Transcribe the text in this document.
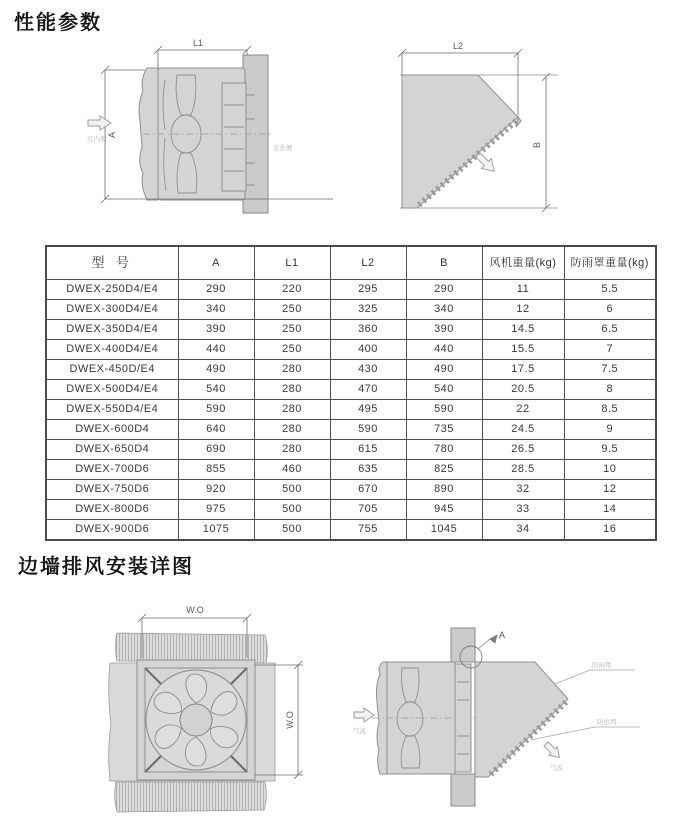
性能参数
L1
A
室内侧
室外侧
L2
B
型 号	A	L1	L2	B	风机重量(kg)	防雨罩重量(kg)
DWEX-250D4/E4	290	220	295	290	11	5.5
DWEX-300D4/E4	340	250	325	340	12	6
DWEX-350D4/E4	390	250	360	390	14.5	6.5
DWEX-400D4/E4	440	250	400	440	15.5	7
DWEX-450D/E4	490	280	430	490	17.5	7.5
DWEX-500D4/E4	540	280	470	540	20.5	8
DWEX-550D4/E4	590	280	495	590	22	8.5
DWEX-600D4	640	280	590	735	24.5	9
DWEX-650D4	690	280	615	780	26.5	9.5
DWEX-700D6	855	460	635	825	28.5	10
DWEX-750D6	920	500	670	890	32	12
DWEX-800D6	975	500	705	945	33	14
DWEX-900D6	1075	500	755	1045	34	16
边墙排风安装详图
W.O
W.O
A
防雨罩
防虫网
气流
气流
